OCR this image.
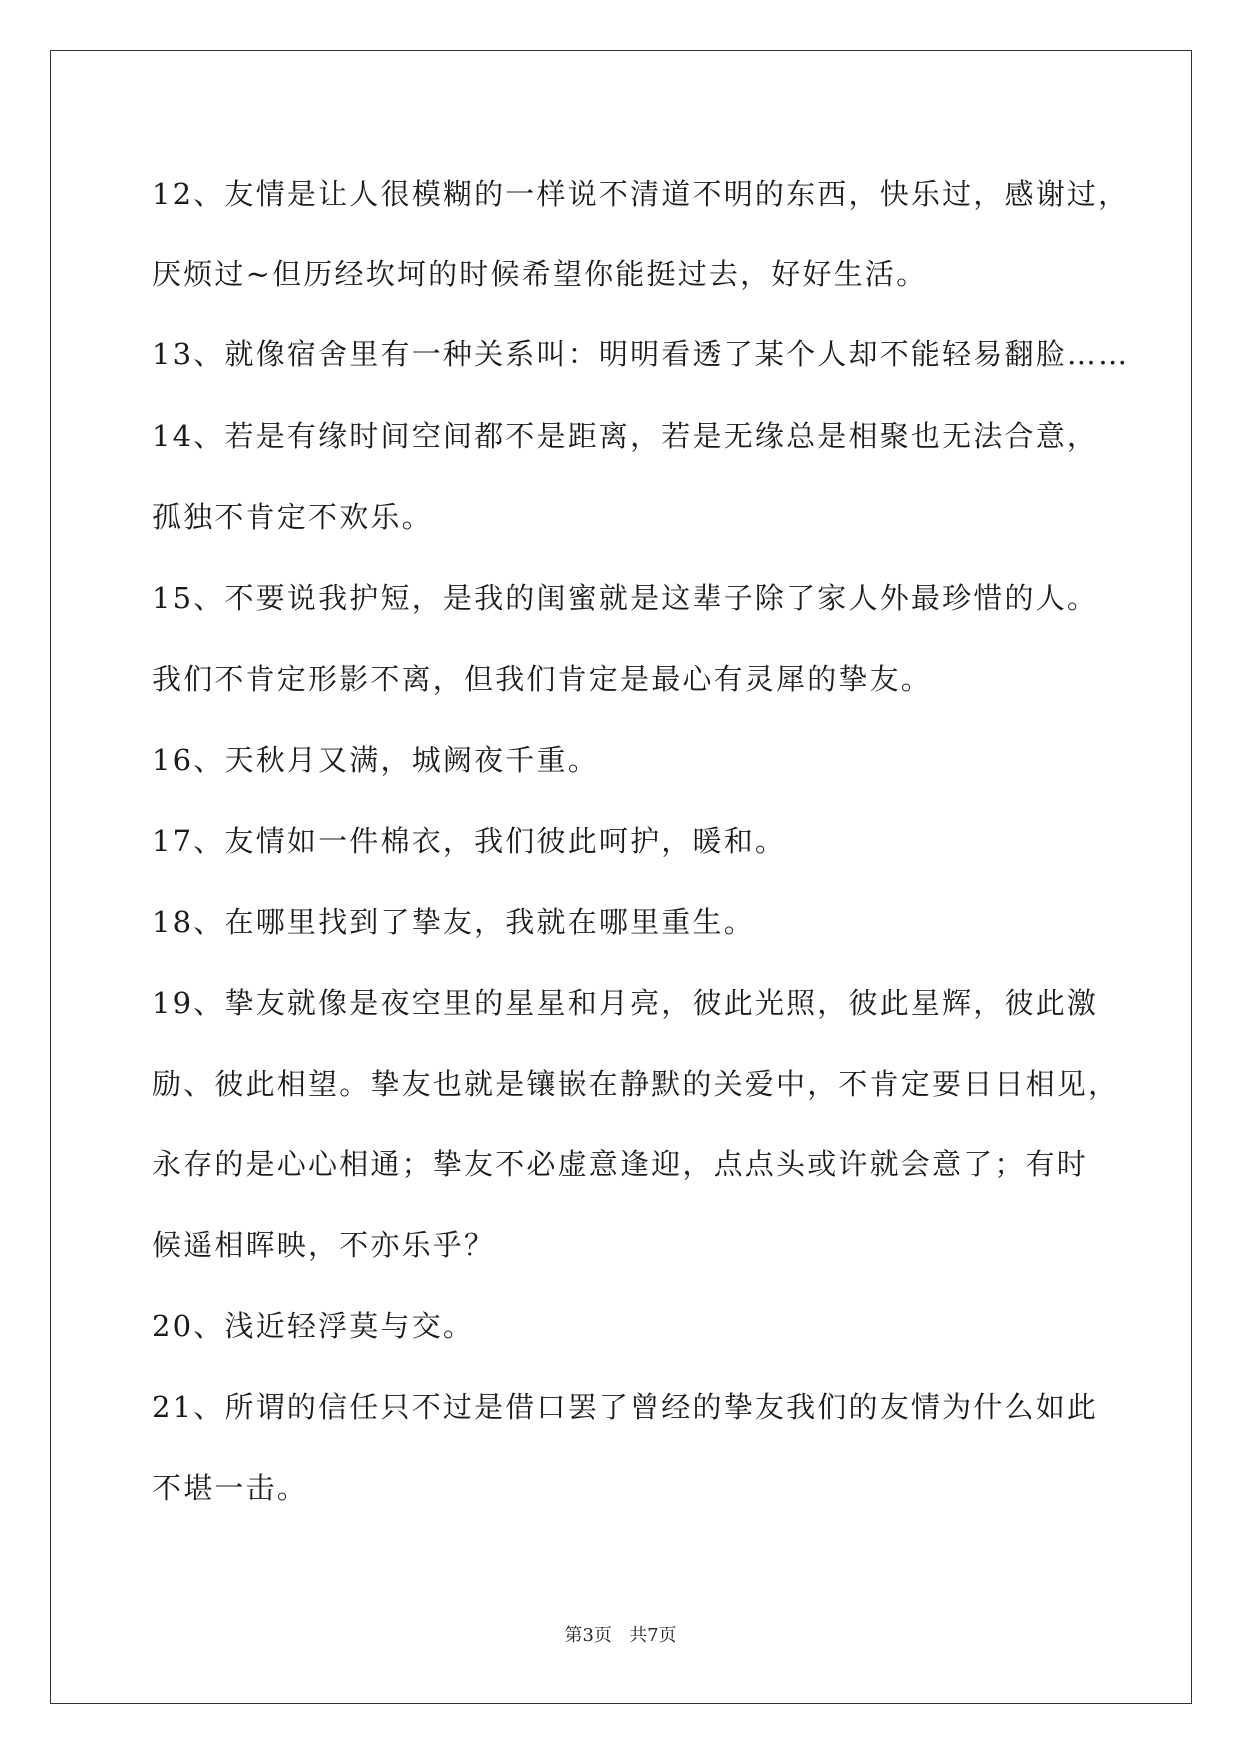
12、友情是让人很模糊的一样说不清道不明的东西，快乐过，感谢过，
厌烦过~但历经坎坷的时候希望你能挺过去，好好生活。
13、就像宿舍里有一种关系叫：明明看透了某个人却不能轻易翻脸……
14、若是有缘时间空间都不是距离，若是无缘总是相聚也无法合意，
孤独不肯定不欢乐。
15、不要说我护短，是我的闺蜜就是这辈子除了家人外最珍惜的人。
我们不肯定形影不离，但我们肯定是最心有灵犀的挚友。
16、天秋月又满，城阙夜千重。
17、友情如一件棉衣，我们彼此呵护，暖和。
18、在哪里找到了挚友，我就在哪里重生。
19、挚友就像是夜空里的星星和月亮，彼此光照，彼此星辉，彼此激
励、彼此相望。挚友也就是镶嵌在静默的关爱中，不肯定要日日相见，
永存的是心心相通；挚友不必虚意逢迎，点点头或许就会意了；有时
候遥相晖映，不亦乐乎？
20、浅近轻浮莫与交。
21、所谓的信任只不过是借口罢了曾经的挚友我们的友情为什么如此
不堪一击。
第3页 共7页
